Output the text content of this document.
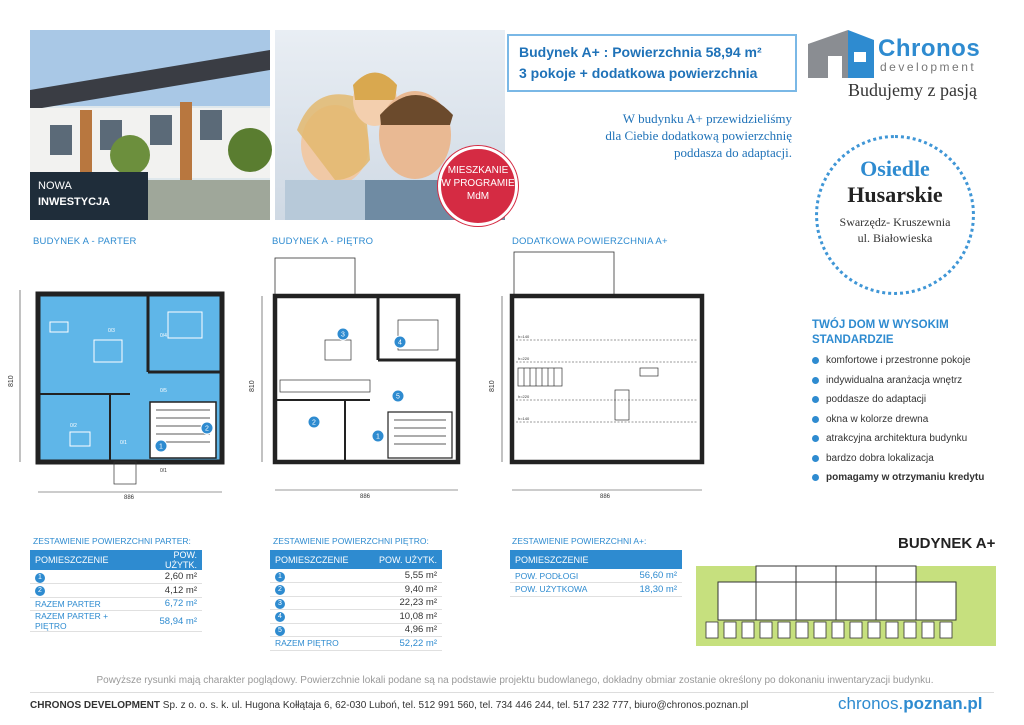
NOWA
INWESTYCJA
MIESZKANIE
W PROGRAMIE
MdM
Budynek A+ : Powierzchnia 58,94 m²
3 pokoje + dodatkowa powierzchnia
W budynku A+ przewidzieliśmy
dla Ciebie dodatkową powierzchnię
poddasza do adaptacji.
Chronos
development
Budujemy z pasją
Osiedle
Husarskie
Swarzędz- Kruszewnia
ul. Białowieska
BUDYNEK A - PARTER	BUDYNEK A - PIĘTRO	DODATKOWA POWIERZCHNIA A+
810
0/3
0/4
0/2
0/1
0/5
0/1
1
2
886
810
3
4
5
2
1
886
810
h=140
h=220
h=220
h=140
886
TWÓJ DOM W WYSOKIM
STANDARDZIE
komfortowe i przestronne pokoje
indywidualna aranżacja wnętrz
poddasze do adaptacji
okna w kolorze drewna
atrakcyjna architektura budynku
bardzo dobra lokalizacja
pomagamy w otrzymaniu kredytu
ZESTAWIENIE POWIERZCHNI PARTER:
POMIESZCZENIE	POW. UŻYTK.
1	2,60 m²
2	4,12 m²
RAZEM PARTER	6,72 m²
RAZEM PARTER + PIĘTRO	58,94 m²
ZESTAWIENIE POWIERZCHNI PIĘTRO:
POMIESZCZENIE	POW. UŻYTK.
1	5,55 m²
2	9,40 m²
3	22,23 m²
4	10,08 m²
5	4,96 m²
RAZEM PIĘTRO	52,22 m²
ZESTAWIENIE POWIERZCHNI A+:
POMIESZCZENIE	
POW. PODŁOGI	56,60 m²
POW. UŻYTKOWA	18,30 m²
BUDYNEK A+
Powyższe rysunki mają charakter poglądowy. Powierzchnie lokali podane są na podstawie projektu budowlanego, dokładny obmiar zostanie określony po dokonaniu inwentaryzacji budynku.
CHRONOS DEVELOPMENT Sp. z o. o. s. k. ul. Hugona Kołłątaja 6, 62-030 Luboń, tel. 512 991 560, tel. 734 446 244, tel. 517 232 777, biuro@chronos.poznan.pl	chronos.poznan.pl
